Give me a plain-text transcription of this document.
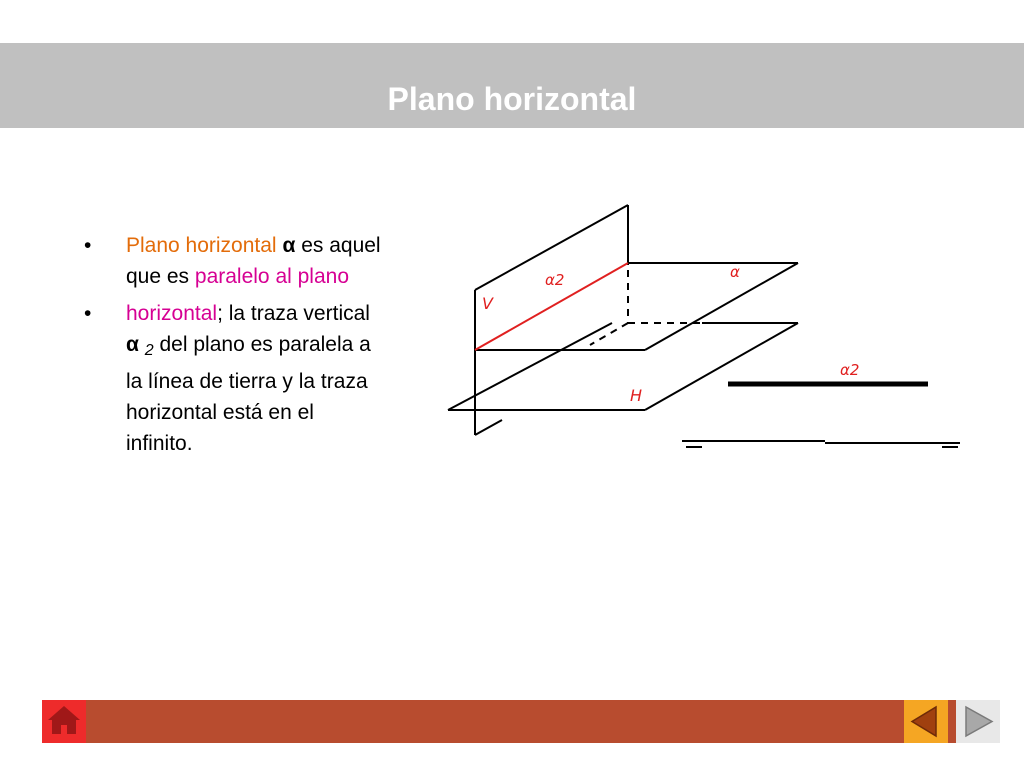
Plano horizontal
• Plano horizontal α es aquel que es paralelo al plano
• horizontal; la traza vertical α $_2$ del plano es paralela a la línea de tierra y la traza horizontal está en el infinito.
α2	α
V
H
α2
